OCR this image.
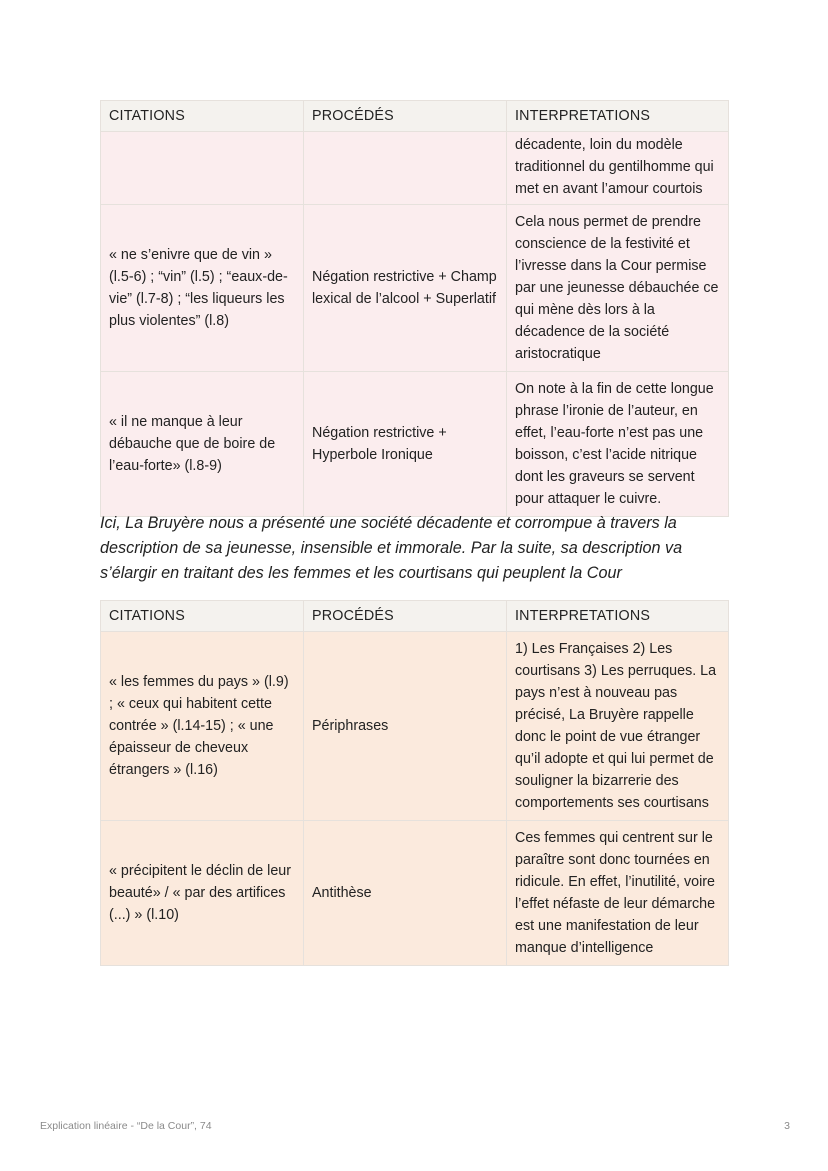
CITATIONS	PROCÉDÉS	INTERPRETATIONS
		décadente, loin du modèle traditionnel du gentilhomme qui met en avant l’amour courtois
« ne s’enivre que de vin » (l.5-6) ; “vin” (l.5) ; “eaux-de-vie” (l.7-8) ; “les liqueurs les plus violentes” (l.8)	Négation restrictive + Champ lexical de l’alcool + Superlatif	Cela nous permet de prendre conscience de la festivité et l’ivresse dans la Cour permise par une jeunesse débauchée ce qui mène dès lors à la décadence de la société aristocratique
« il ne manque à leur débauche que de boire de l’eau-forte» (l.8-9)	Négation restrictive + Hyperbole Ironique	On note à la fin de cette longue phrase l’ironie de l’auteur, en effet, l’eau-forte n’est pas une boisson, c’est l’acide nitrique dont les graveurs se servent pour attaquer le cuivre.

Ici, La Bruyère nous a présenté une société décadente et corrompue à travers la description de sa jeunesse, insensible et immorale. Par la suite, sa description va s’élargir en traitant des les femmes et les courtisans qui peuplent la Cour

CITATIONS	PROCÉDÉS	INTERPRETATIONS
« les femmes du pays » (l.9) ; « ceux qui habitent cette contrée » (l.14-15) ; « une épaisseur de cheveux étrangers » (l.16)	Périphrases	1) Les Françaises 2) Les courtisans 3) Les perruques. La pays n’est à nouveau pas précisé, La Bruyère rappelle donc le point de vue étranger qu’il adopte et qui lui permet de souligner la bizarrerie des comportements ses courtisans
« précipitent le déclin de leur beauté» / « par des artifices (...) » (l.10)	Antithèse	Ces femmes qui centrent sur le paraître sont donc tournées en ridicule. En effet, l’inutilité, voire l’effet néfaste de leur démarche est une manifestation de leur manque d’intelligence
Explication linéaire - “De la Cour”, 74	3
